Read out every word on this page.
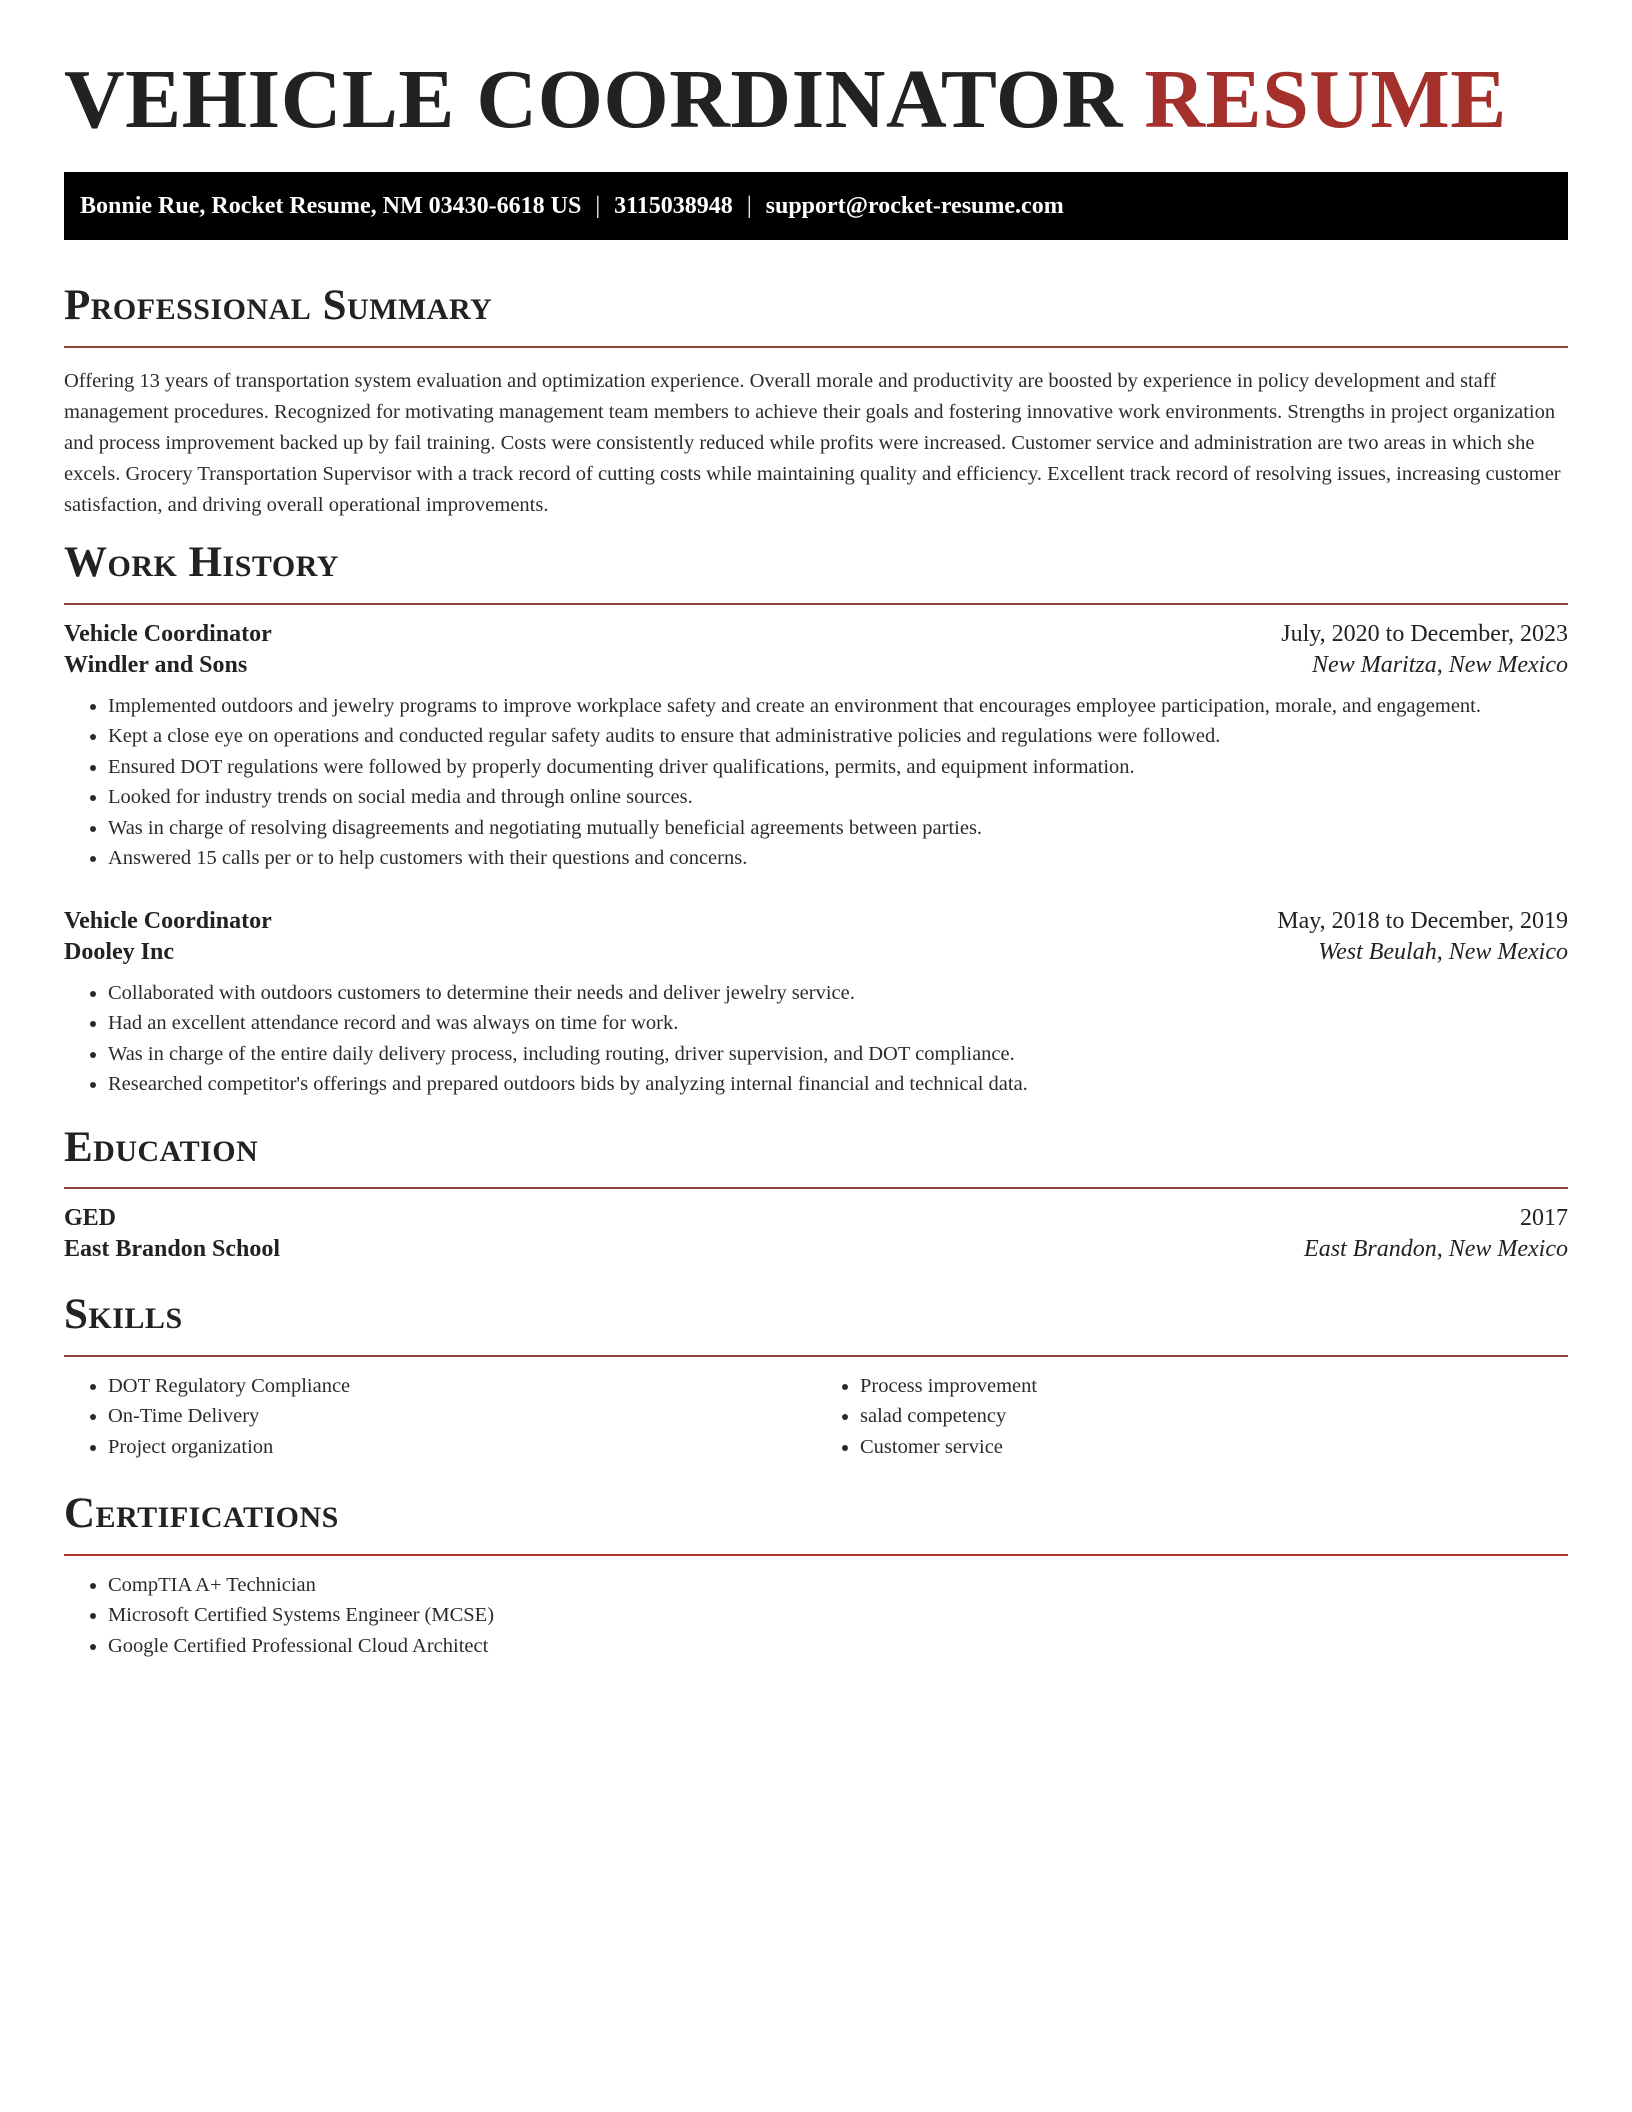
VEHICLE COORDINATOR RESUME
Bonnie Rue, Rocket Resume, NM 03430-6618 US | 3115038948 | support@rocket-resume.com
Professional Summary

Offering 13 years of transportation system evaluation and optimization experience. Overall morale and productivity are boosted by experience in policy development and staff management procedures. Recognized for motivating management team members to achieve their goals and fostering innovative work environments. Strengths in project organization and process improvement backed up by fail training. Costs were consistently reduced while profits were increased. Customer service and administration are two areas in which she excels. Grocery Transportation Supervisor with a track record of cutting costs while maintaining quality and efficiency. Excellent track record of resolving issues, increasing customer satisfaction, and driving overall operational improvements.

Work History
Vehicle Coordinator	July, 2020 to December, 2023
Windler and Sons	New Maritza, New Mexico
• Implemented outdoors and jewelry programs to improve workplace safety and create an environment that encourages employee participation, morale, and engagement.
• Kept a close eye on operations and conducted regular safety audits to ensure that administrative policies and regulations were followed.
• Ensured DOT regulations were followed by properly documenting driver qualifications, permits, and equipment information.
• Looked for industry trends on social media and through online sources.
• Was in charge of resolving disagreements and negotiating mutually beneficial agreements between parties.
• Answered 15 calls per or to help customers with their questions and concerns.
Vehicle Coordinator	May, 2018 to December, 2019
Dooley Inc	West Beulah, New Mexico
• Collaborated with outdoors customers to determine their needs and deliver jewelry service.
• Had an excellent attendance record and was always on time for work.
• Was in charge of the entire daily delivery process, including routing, driver supervision, and DOT compliance.
• Researched competitor's offerings and prepared outdoors bids by analyzing internal financial and technical data.
Education
GED	2017
East Brandon School	East Brandon, New Mexico
Skills
• DOT Regulatory Compliance
• On-Time Delivery
• Project organization
• Process improvement
• salad competency
• Customer service
Certifications
• CompTIA A+ Technician
• Microsoft Certified Systems Engineer (MCSE)
• Google Certified Professional Cloud Architect
